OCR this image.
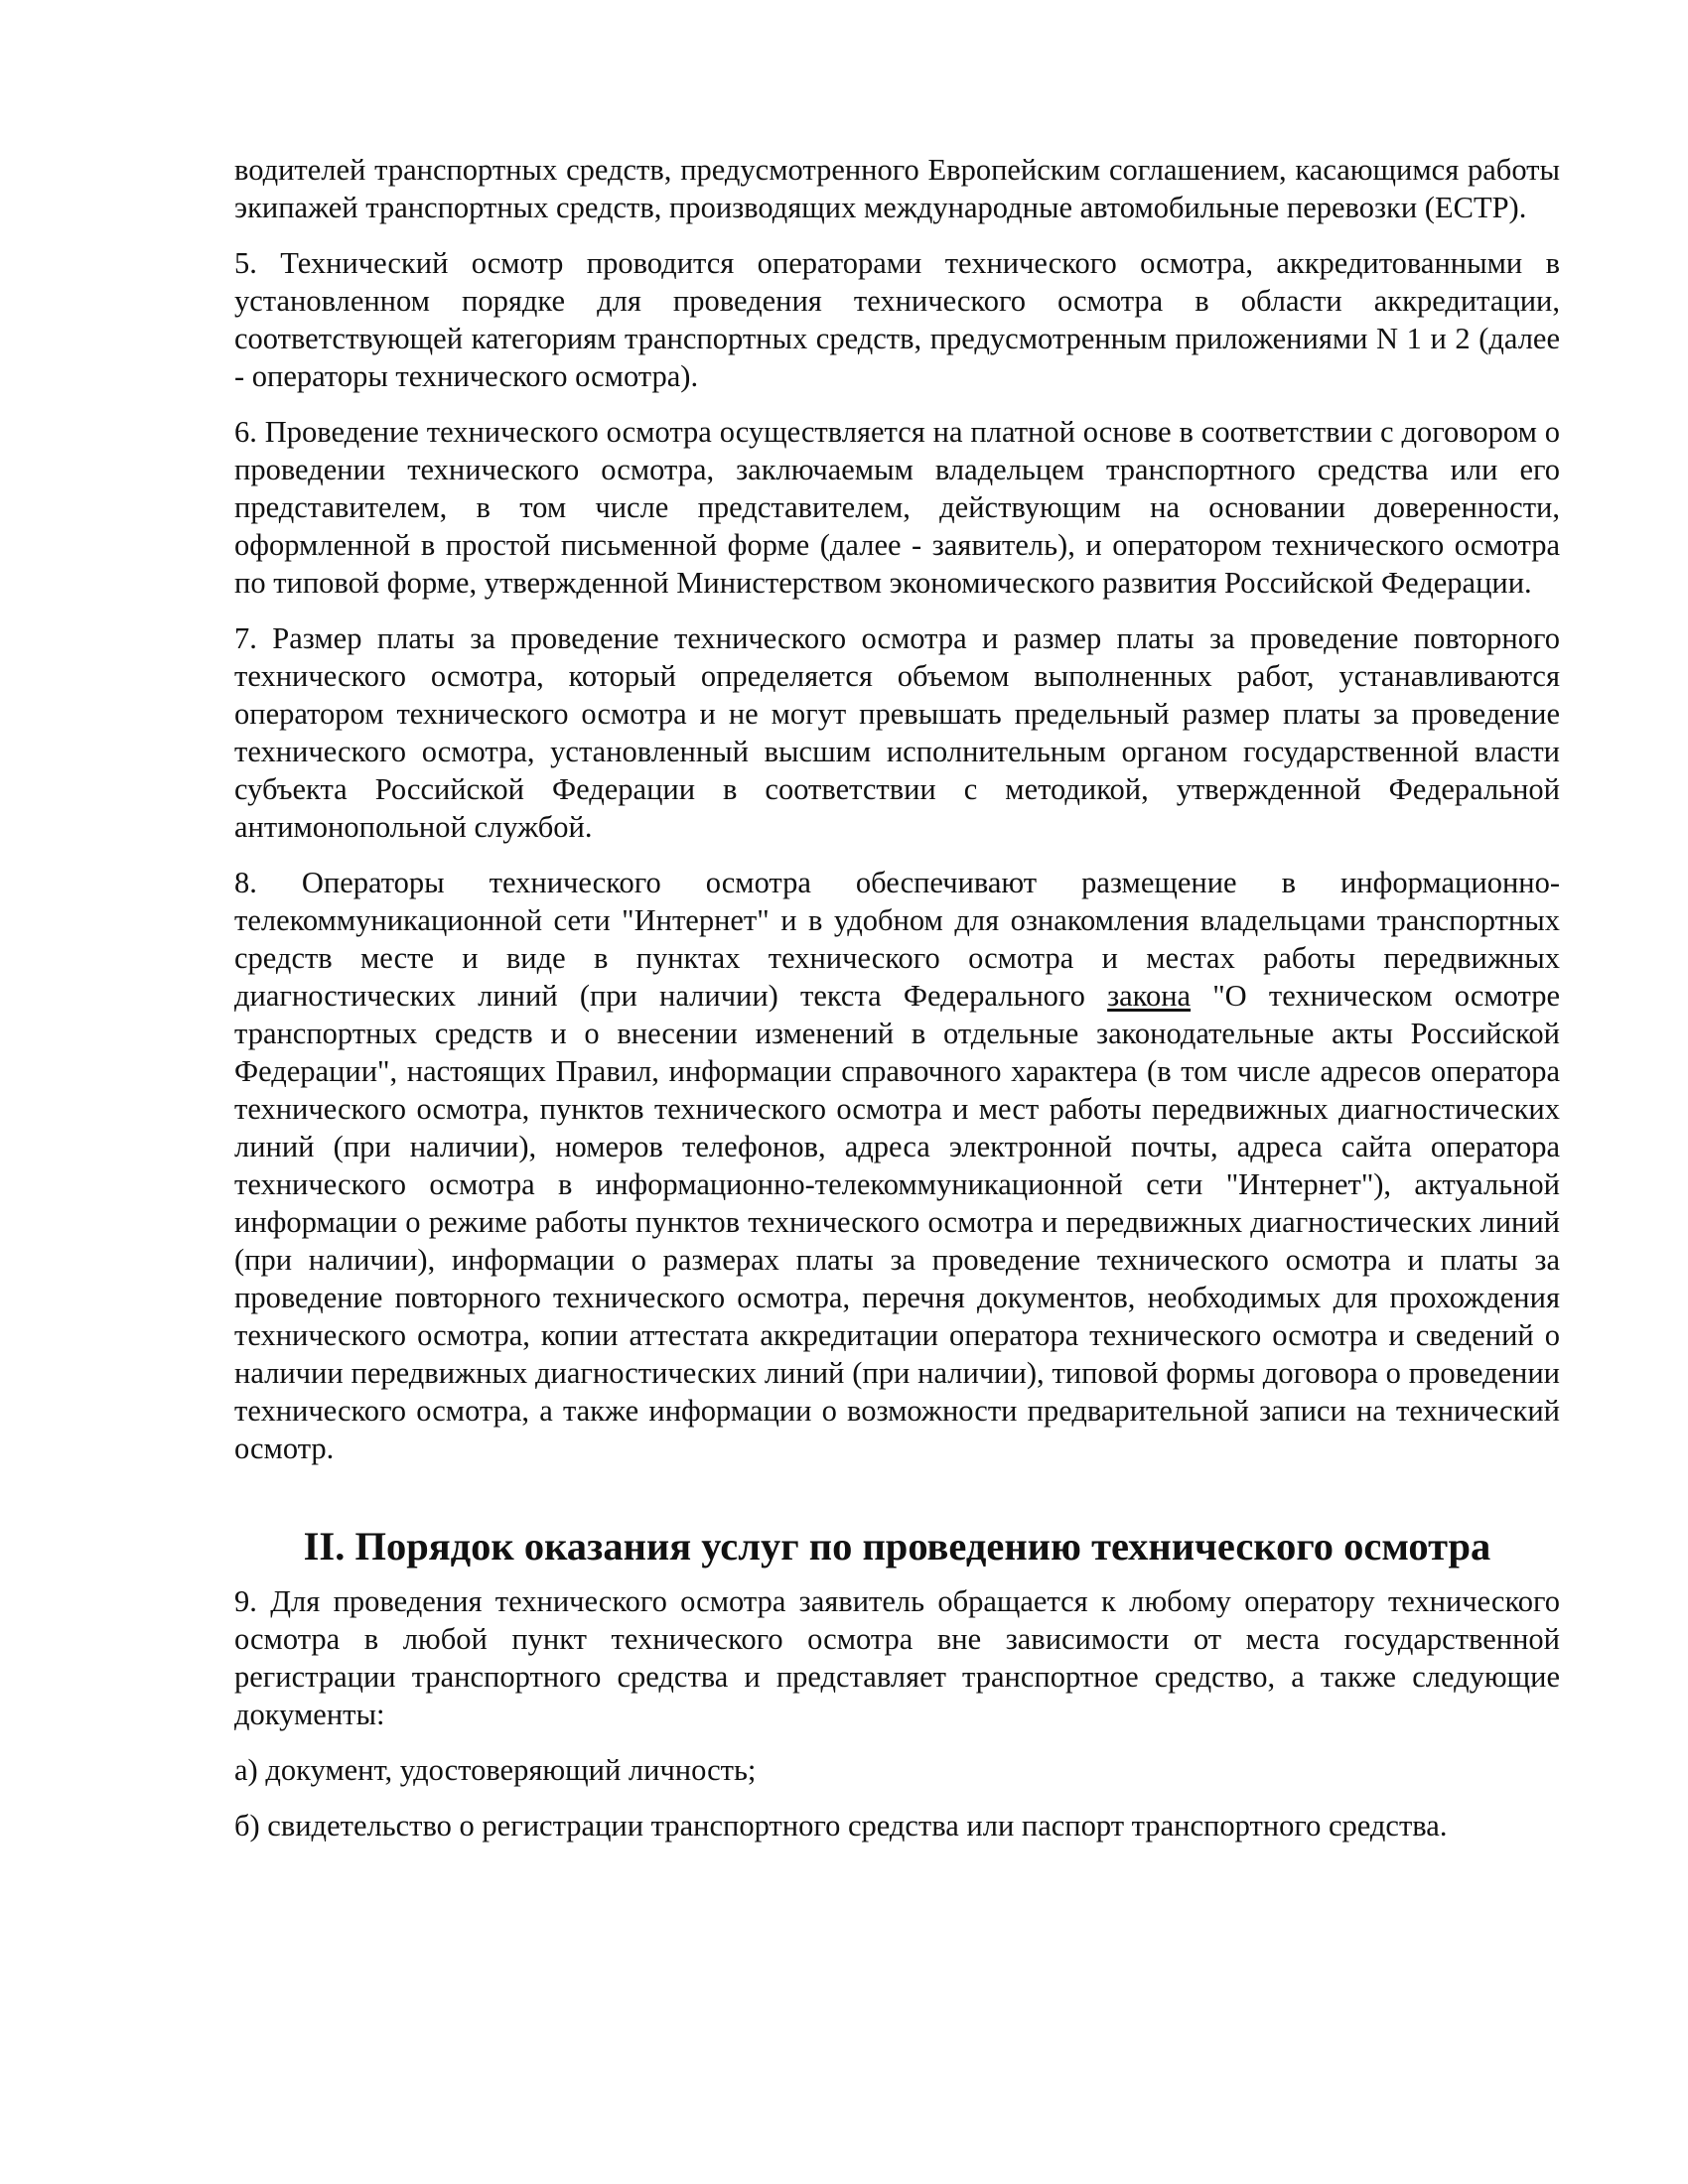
водителей транспортных средств, предусмотренного Европейским соглашением, касающимся работы экипажей транспортных средств, производящих международные автомобильные перевозки (ЕСТР).

5. Технический осмотр проводится операторами технического осмотра, аккредитованными в установленном порядке для проведения технического осмотра в области аккредитации, соответствующей категориям транспортных средств, предусмотренным приложениями N 1 и 2 (далее - операторы технического осмотра).

6. Проведение технического осмотра осуществляется на платной основе в соответствии с договором о проведении технического осмотра, заключаемым владельцем транспортного средства или его представителем, в том числе представителем, действующим на основании доверенности, оформленной в простой письменной форме (далее - заявитель), и оператором технического осмотра по типовой форме, утвержденной Министерством экономического развития Российской Федерации.

7. Размер платы за проведение технического осмотра и размер платы за проведение повторного технического осмотра, который определяется объемом выполненных работ, устанавливаются оператором технического осмотра и не могут превышать предельный размер платы за проведение технического осмотра, установленный высшим исполнительным органом государственной власти субъекта Российской Федерации в соответствии с методикой, утвержденной Федеральной антимонопольной службой.

8. Операторы технического осмотра обеспечивают размещение в информационно-телекоммуникационной сети "Интернет" и в удобном для ознакомления владельцами транспортных средств месте и виде в пунктах технического осмотра и местах работы передвижных диагностических линий (при наличии) текста Федерального закона "О техническом осмотре транспортных средств и о внесении изменений в отдельные законодательные акты Российской Федерации", настоящих Правил, информации справочного характера (в том числе адресов оператора технического осмотра, пунктов технического осмотра и мест работы передвижных диагностических линий (при наличии), номеров телефонов, адреса электронной почты, адреса сайта оператора технического осмотра в информационно-телекоммуникационной сети "Интернет"), актуальной информации о режиме работы пунктов технического осмотра и передвижных диагностических линий (при наличии), информации о размерах платы за проведение технического осмотра и платы за проведение повторного технического осмотра, перечня документов, необходимых для прохождения технического осмотра, копии аттестата аккредитации оператора технического осмотра и сведений о наличии передвижных диагностических линий (при наличии), типовой формы договора о проведении технического осмотра, а также информации о возможности предварительной записи на технический осмотр.

II. Порядок оказания услуг по проведению технического осмотра

9. Для проведения технического осмотра заявитель обращается к любому оператору технического осмотра в любой пункт технического осмотра вне зависимости от места государственной регистрации транспортного средства и представляет транспортное средство, а также следующие документы:

а) документ, удостоверяющий личность;

б) свидетельство о регистрации транспортного средства или паспорт транспортного средства.
